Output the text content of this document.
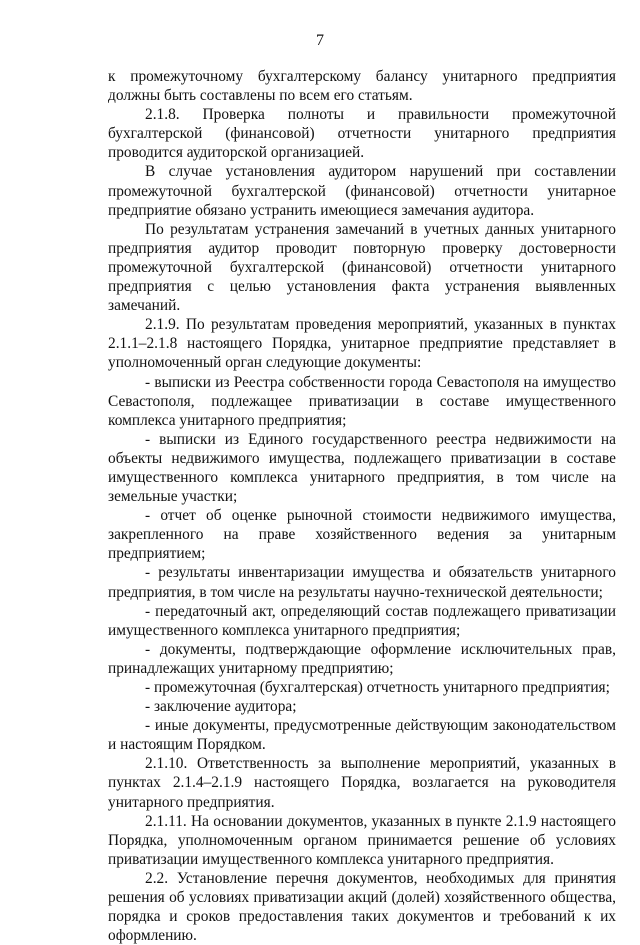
7

к промежуточному бухгалтерскому балансу унитарного предприятия должны быть составлены по всем его статьям.

2.1.8. Проверка полноты и правильности промежуточной бухгалтерской (финансовой) отчетности унитарного предприятия проводится аудиторской организацией.

В случае установления аудитором нарушений при составлении промежуточной бухгалтерской (финансовой) отчетности унитарное предприятие обязано устранить имеющиеся замечания аудитора.

По результатам устранения замечаний в учетных данных унитарного предприятия аудитор проводит повторную проверку достоверности промежуточной бухгалтерской (финансовой) отчетности унитарного предприятия с целью установления факта устранения выявленных замечаний.

2.1.9. По результатам проведения мероприятий, указанных в пунктах 2.1.1–2.1.8 настоящего Порядка, унитарное предприятие представляет в уполномоченный орган следующие документы:

- выписки из Реестра собственности города Севастополя на имущество Севастополя, подлежащее приватизации в составе имущественного комплекса унитарного предприятия;

- выписки из Единого государственного реестра недвижимости на объекты недвижимого имущества, подлежащего приватизации в составе имущественного комплекса унитарного предприятия, в том числе на земельные участки;

- отчет об оценке рыночной стоимости недвижимого имущества, закрепленного на праве хозяйственного ведения за унитарным предприятием;

- результаты инвентаризации имущества и обязательств унитарного предприятия, в том числе на результаты научно-технической деятельности;

- передаточный акт, определяющий состав подлежащего приватизации имущественного комплекса унитарного предприятия;

- документы, подтверждающие оформление исключительных прав, принадлежащих унитарному предприятию;

- промежуточная (бухгалтерская) отчетность унитарного предприятия;

- заключение аудитора;

- иные документы, предусмотренные действующим законодательством и настоящим Порядком.

2.1.10. Ответственность за выполнение мероприятий, указанных в пунктах 2.1.4–2.1.9 настоящего Порядка, возлагается на руководителя унитарного предприятия.

2.1.11. На основании документов, указанных в пункте 2.1.9 настоящего Порядка, уполномоченным органом принимается решение об условиях приватизации имущественного комплекса унитарного предприятия.

2.2. Установление перечня документов, необходимых для принятия решения об условиях приватизации акций (долей) хозяйственного общества, порядка и сроков предоставления таких документов и требований к их оформлению.
